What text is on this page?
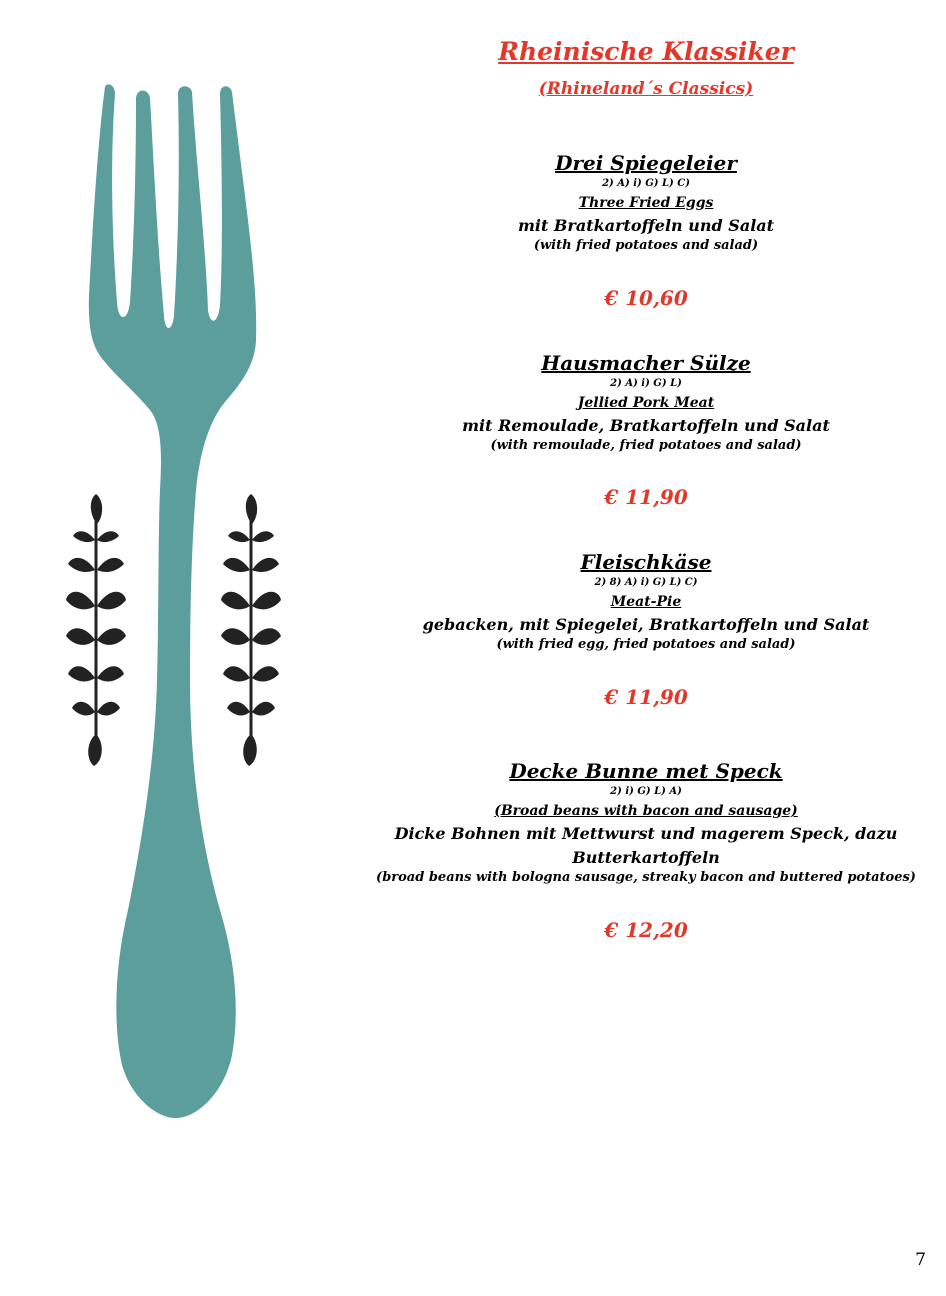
Rheinische Klassiker
(Rhineland´s Classics)
Drei Spiegeleier
2) A) i) G) L) C)
Three Fried Eggs
mit Bratkartoffeln und Salat
(with fried potatoes and salad)
€ 10,60
Hausmacher Sülze
2) A) i) G) L)
Jellied Pork Meat
mit Remoulade, Bratkartoffeln und Salat
(with remoulade, fried potatoes and salad)
€ 11,90
Fleischkäse
2) 8) A) i) G) L) C)
Meat-Pie
gebacken, mit Spiegelei, Bratkartoffeln und Salat
(with fried egg, fried potatoes and salad)
€ 11,90
Decke Bunne met Speck
2) i) G) L) A)
(Broad beans with bacon and sausage)
Dicke Bohnen mit Mettwurst und magerem Speck, dazu
Butterkartoffeln
(broad beans with bologna sausage, streaky bacon and buttered potatoes)
€ 12,20
7
